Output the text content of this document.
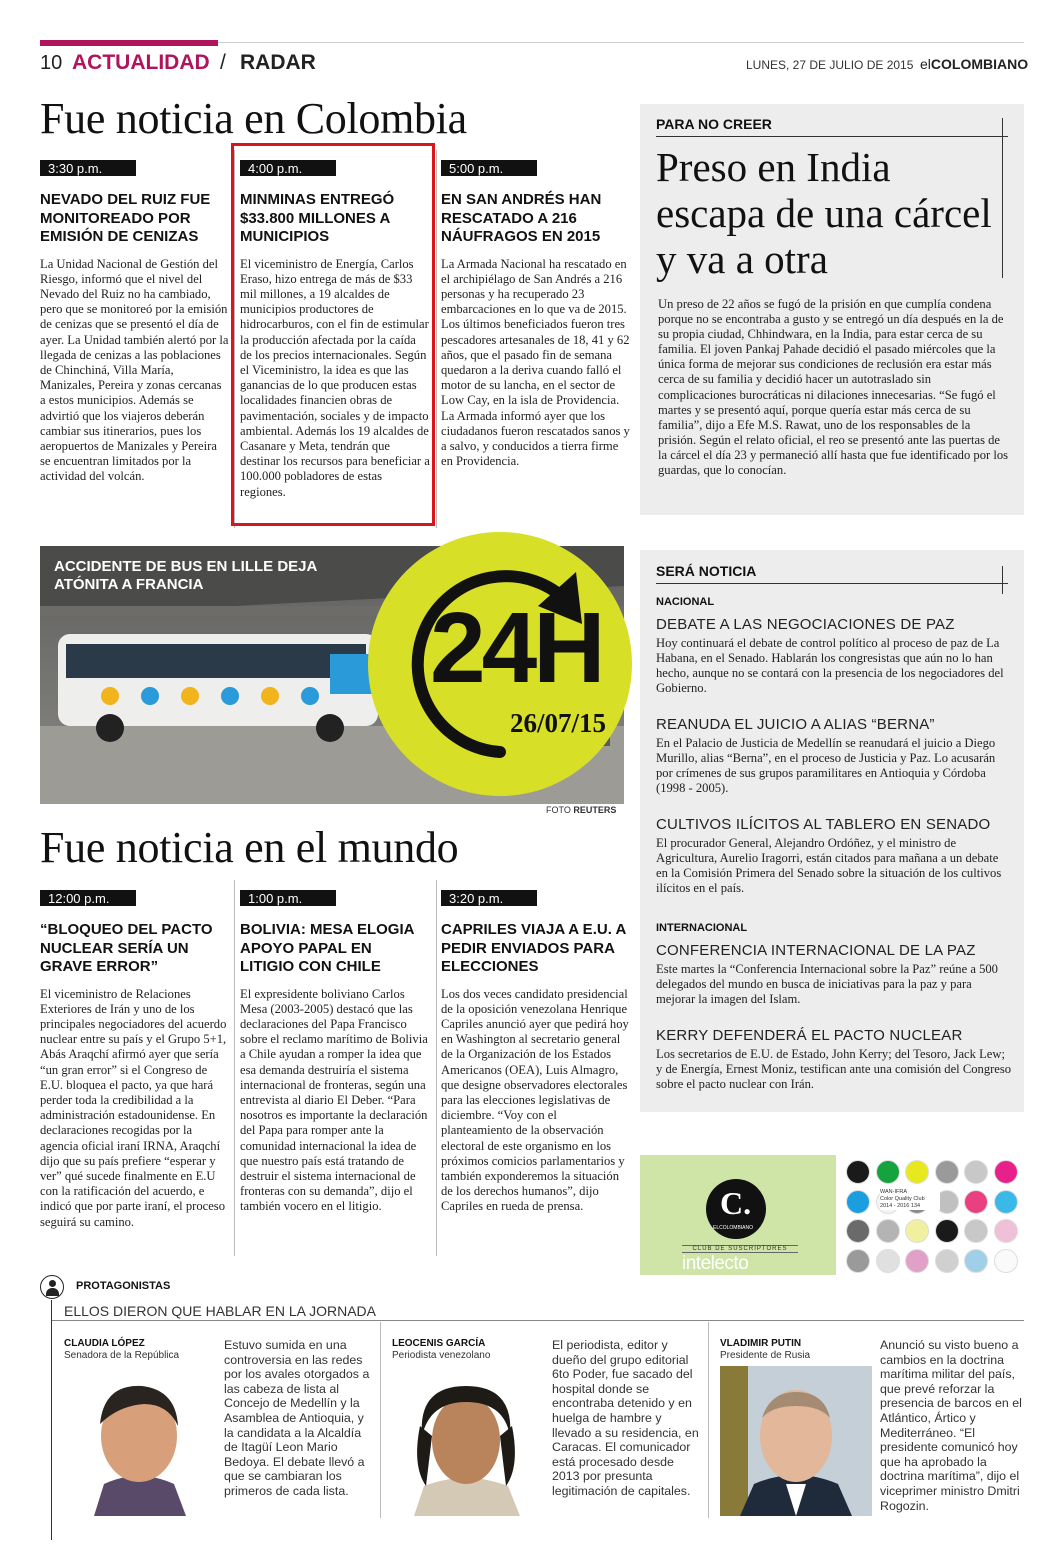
10 ACTUALIDAD / RADAR	LUNES, 27 DE JULIO DE 2015 elCOLOMBIANO
Fue noticia en Colombia
3:30 p.m.
NEVADO DEL RUIZ FUE MONITOREADO POR EMISIÓN DE CENIZAS
La Unidad Nacional de Gestión del Riesgo, informó que el nivel del Nevado del Ruiz no ha cambiado, pero que se monitoreó por la emisión de cenizas que se presentó el día de ayer. La Unidad también alertó por la llegada de cenizas a las poblaciones de Chinchiná, Villa María, Manizales, Pereira y zonas cercanas a estos municipios. Además se advirtió que los viajeros deberán cambiar sus itinerarios, pues los aeropuertos de Manizales y Pereira se encuentran limitados por la actividad del volcán.
4:00 p.m.
MINMINAS ENTREGÓ $33.800 MILLONES A MUNICIPIOS
El viceministro de Energía, Carlos Eraso, hizo entrega de más de $33 mil millones, a 19 alcaldes de municipios productores de hidrocarburos, con el fin de estimular la producción afectada por la caída de los precios internacionales. Según el Viceministro, la idea es que las ganancias de lo que producen estas localidades financien obras de pavimentación, sociales y de impacto ambiental. Además los 19 alcaldes de Casanare y Meta, tendrán que destinar los recursos para beneficiar a 100.000 pobladores de estas regiones.
5:00 p.m.
EN SAN ANDRÉS HAN RESCATADO A 216 NÁUFRAGOS EN 2015
La Armada Nacional ha rescatado en el archipiélago de San Andrés a 216 personas y ha recuperado 23 embarcaciones en lo que va de 2015. Los últimos beneficiados fueron tres pescadores artesanales de 18, 41 y 62 años, que el pasado fin de semana quedaron a la deriva cuando falló el motor de su lancha, en el sector de Low Cay, en la isla de Providencia. La Armada informó ayer que los ciudadanos fueron rescatados sanos y a salvo, y conducidos a tierra firme en Providencia.
PARA NO CREER
Preso en India escapa de una cárcel y va a otra
Un preso de 22 años se fugó de la prisión en que cumplía condena porque no se encontraba a gusto y se entregó un día después en la de su propia ciudad, Chhindwara, en la India, para estar cerca de su familia. El joven Pankaj Pahade decidió el pasado miércoles que la única forma de mejorar sus condiciones de reclusión era estar más cerca de su familia y decidió hacer un autotraslado sin complicaciones burocráticas ni dilaciones innecesarias. “Se fugó el martes y se presentó aquí, porque quería estar más cerca de su familia”, dijo a Efe M.S. Rawat, uno de los responsables de la prisión. Según el relato oficial, el reo se presentó ante las puertas de la cárcel el día 23 y permaneció allí hasta que fue identificado por los guardas, que lo conocían.
ACCIDENTE DE BUS EN LILLE DEJA ATÓNITA A FRANCIA
24H
26/07/15
FOTO REUTERS
Fue noticia en el mundo
12:00 p.m.
“BLOQUEO DEL PACTO NUCLEAR SERÍA UN GRAVE ERROR”
El viceministro de Relaciones Exteriores de Irán y uno de los principales negociadores del acuerdo nuclear entre su país y el Grupo 5+1, Abás Araqchí afirmó ayer que sería “un gran error” si el Congreso de E.U. bloquea el pacto, ya que hará perder toda la credibilidad a la administración estadounidense. En declaraciones recogidas por la agencia oficial iraní IRNA, Araqchí dijo que su país prefiere “esperar y ver” qué sucede finalmente en E.U con la ratificación del acuerdo, e indicó que por parte iraní, el proceso seguirá su camino.
1:00 p.m.
BOLIVIA: MESA ELOGIA APOYO PAPAL EN LITIGIO CON CHILE
El expresidente boliviano Carlos Mesa (2003-2005) destacó que las declaraciones del Papa Francisco sobre el reclamo marítimo de Bolivia a Chile ayudan a romper la idea que esa demanda destruiría el sistema internacional de fronteras, según una entrevista al diario El Deber. “Para nosotros es importante la declaración del Papa para romper ante la comunidad internacional la idea de que nuestro país está tratando de destruir el sistema internacional de fronteras con su demanda”, dijo el también vocero en el litigio.
3:20 p.m.
CAPRILES VIAJA A E.U. A PEDIR ENVIADOS PARA ELECCIONES
Los dos veces candidato presidencial de la oposición venezolana Henrique Capriles anunció ayer que pedirá hoy en Washington al secretario general de la Organización de los Estados Americanos (OEA), Luis Almagro, que designe observadores electorales para las elecciones legislativas de diciembre. “Voy con el planteamiento de la observación electoral de este organismo en los próximos comicios parlamentarios y también exponderemos la situación de los derechos humanos”, dijo Capriles en rueda de prensa.
SERÁ NOTICIA
NACIONAL
DEBATE A LAS NEGOCIACIONES DE PAZ
Hoy continuará el debate de control político al proceso de paz de La Habana, en el Senado. Hablarán los congresistas que aún no lo han hecho, aunque no se contará con la presencia de los negociadores del Gobierno.
REANUDA EL JUICIO A ALIAS “BERNA”
En el Palacio de Justicia de Medellín se reanudará el juicio a Diego Murillo, alias “Berna”, en el proceso de Justicia y Paz. Lo acusarán por crímenes de sus grupos paramilitares en Antioquia y Córdoba (1998 - 2005).
CULTIVOS ILÍCITOS AL TABLERO EN SENADO
El procurador General, Alejandro Ordóñez, y el ministro de Agricultura, Aurelio Iragorri, están citados para mañana a un debate en la Comisión Primera del Senado sobre la situación de los cultivos ilícitos en el país.
INTERNACIONAL
CONFERENCIA INTERNACIONAL DE LA PAZ
Este martes la “Conferencia Internacional sobre la Paz” reúne a 500 delegados del mundo en busca de iniciativas para la paz y para mejorar la imagen del Islam.
KERRY DEFENDERÁ EL PACTO NUCLEAR
Los secretarios de E.U. de Estado, John Kerry; del Tesoro, Jack Lew; y de Energía, Ernest Moniz, testifican ante una comisión del Congreso sobre el pacto nuclear con Irán.
C.
ELCOLOMBIANO
CLUB DE SUSCRIPTORES
intelecto
WAN-IFRA
Color Quality Club
2014 - 2016 134
PROTAGONISTAS
ELLOS DIERON QUE HABLAR EN LA JORNADA
CLAUDIA LÓPEZ
Senadora de la República
Estuvo sumida en una controversia en las redes por los avales otorgados a las cabeza de lista al Concejo de Medellín y la Asamblea de Antioquia, y la candidata a la Alcaldía de Itagüí Leon Mario Bedoya. El debate llevó a que se cambiaran los primeros de cada lista.
LEOCENIS GARCÍA
Periodista venezolano
El periodista, editor y dueño del grupo editorial 6to Poder, fue sacado del hospital donde se encontraba detenido y en huelga de hambre y llevado a su residencia, en Caracas. El comunicador está procesado desde 2013 por presunta legitimación de capitales.
VLADIMIR PUTIN
Presidente de Rusia
Anunció su visto bueno a cambios en la doctrina marítima militar del país, que prevé reforzar la presencia de barcos en el Atlántico, Ártico y Mediterráneo. “El presidente comunicó hoy que ha aprobado la doctrina marítima”, dijo el viceprimer ministro Dmitri Rogozin.
